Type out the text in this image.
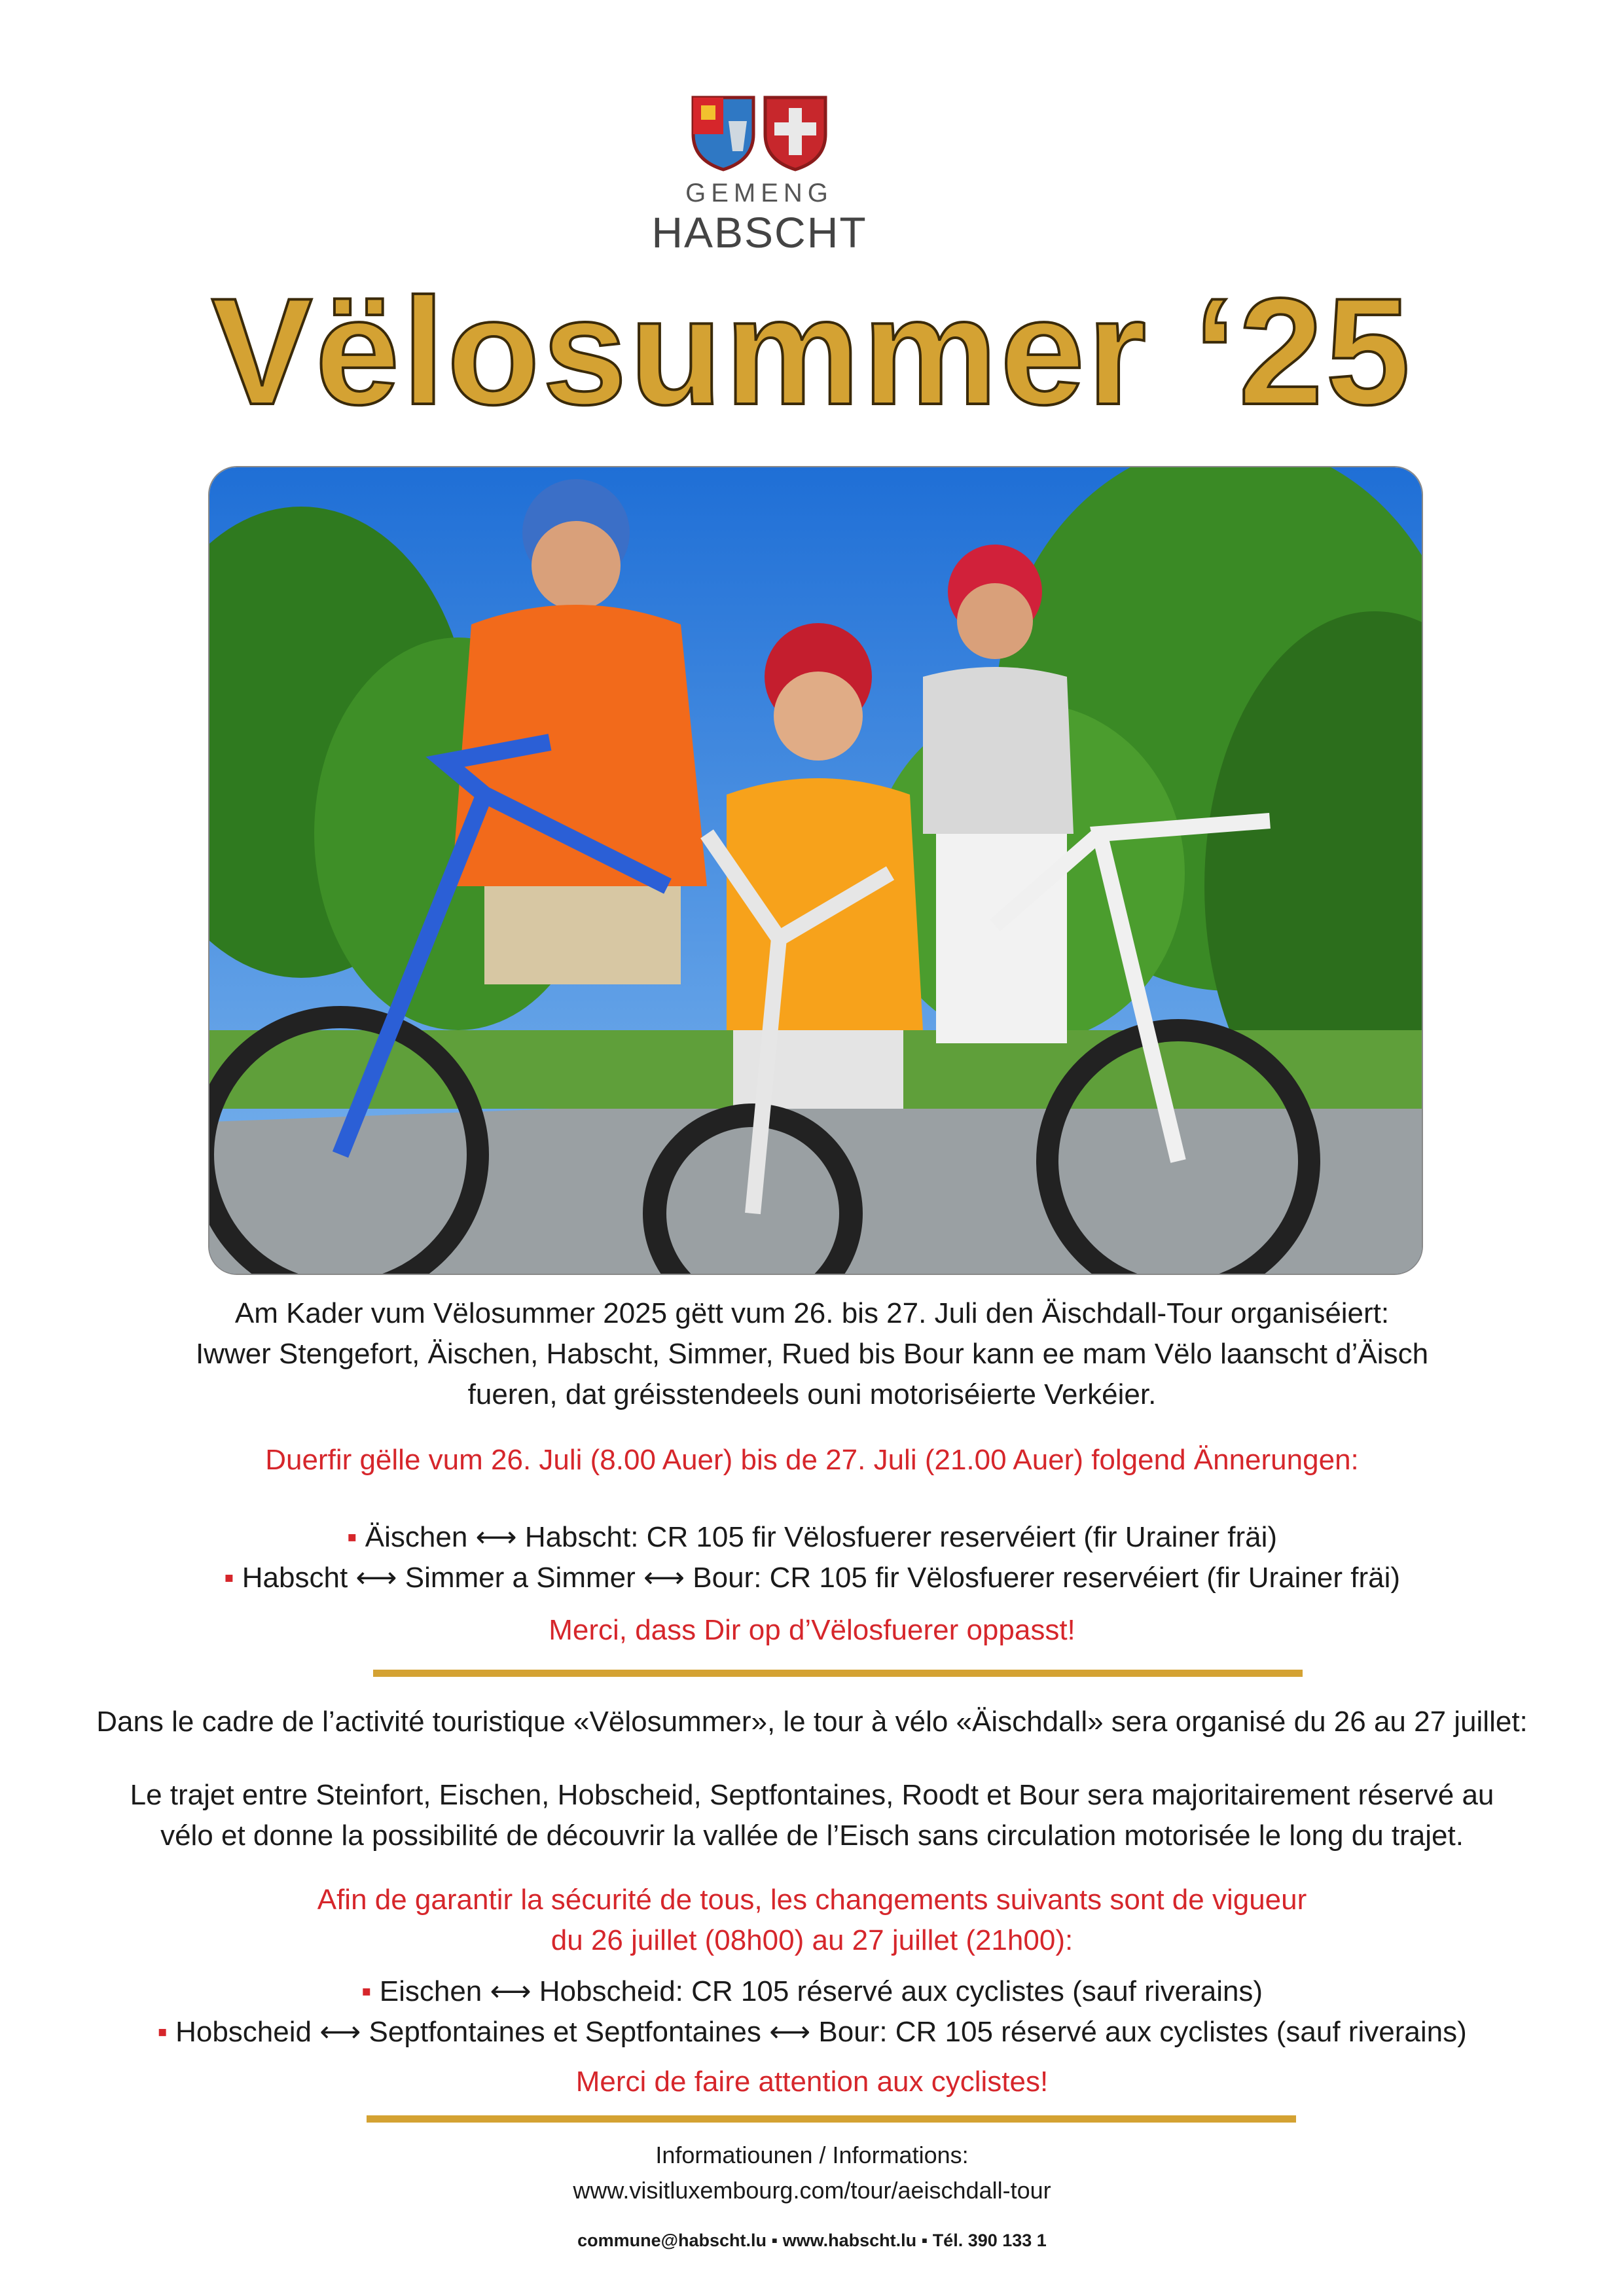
GEMENG
HABSCHT
Vëlosummer ‘25
Am Kader vum Vëlosummer 2025 gëtt vum 26. bis 27. Juli den Äischdall-Tour organiséiert:
Iwwer Stengefort, Äischen, Habscht, Simmer, Rued bis Bour kann ee mam Vëlo laanscht d’Äisch
fueren, dat gréisstendeels ouni motoriséierte Verkéier.
Duerfir gëlle vum 26. Juli (8.00 Auer) bis de 27. Juli (21.00 Auer) folgend Ännerungen:
▪ Äischen ⟷ Habscht: CR 105 fir Vëlosfuerer reservéiert (fir Urainer fräi)
▪ Habscht ⟷ Simmer a Simmer ⟷ Bour: CR 105 fir Vëlosfuerer reservéiert (fir Urainer fräi)
Merci, dass Dir op d’Vëlosfuerer oppasst!
Dans le cadre de l’activité touristique «Vëlosummer», le tour à vélo «Äischdall» sera organisé du 26 au 27 juillet:
Le trajet entre Steinfort, Eischen, Hobscheid, Septfontaines, Roodt et Bour sera majoritairement réservé au
vélo et donne la possibilité de découvrir la vallée de l’Eisch sans circulation motorisée le long du trajet.
Afin de garantir la sécurité de tous, les changements suivants sont de vigueur
du 26 juillet (08h00) au 27 juillet (21h00):
▪ Eischen ⟷ Hobscheid: CR 105 réservé aux cyclistes (sauf riverains)
▪ Hobscheid ⟷ Septfontaines et Septfontaines ⟷ Bour: CR 105 réservé aux cyclistes (sauf riverains)
Merci de faire attention aux cyclistes!
Informatiounen / Informations:
www.visitluxembourg.com/tour/aeischdall-tour
commune@habscht.lu ▪ www.habscht.lu ▪ Tél. 390 133 1
